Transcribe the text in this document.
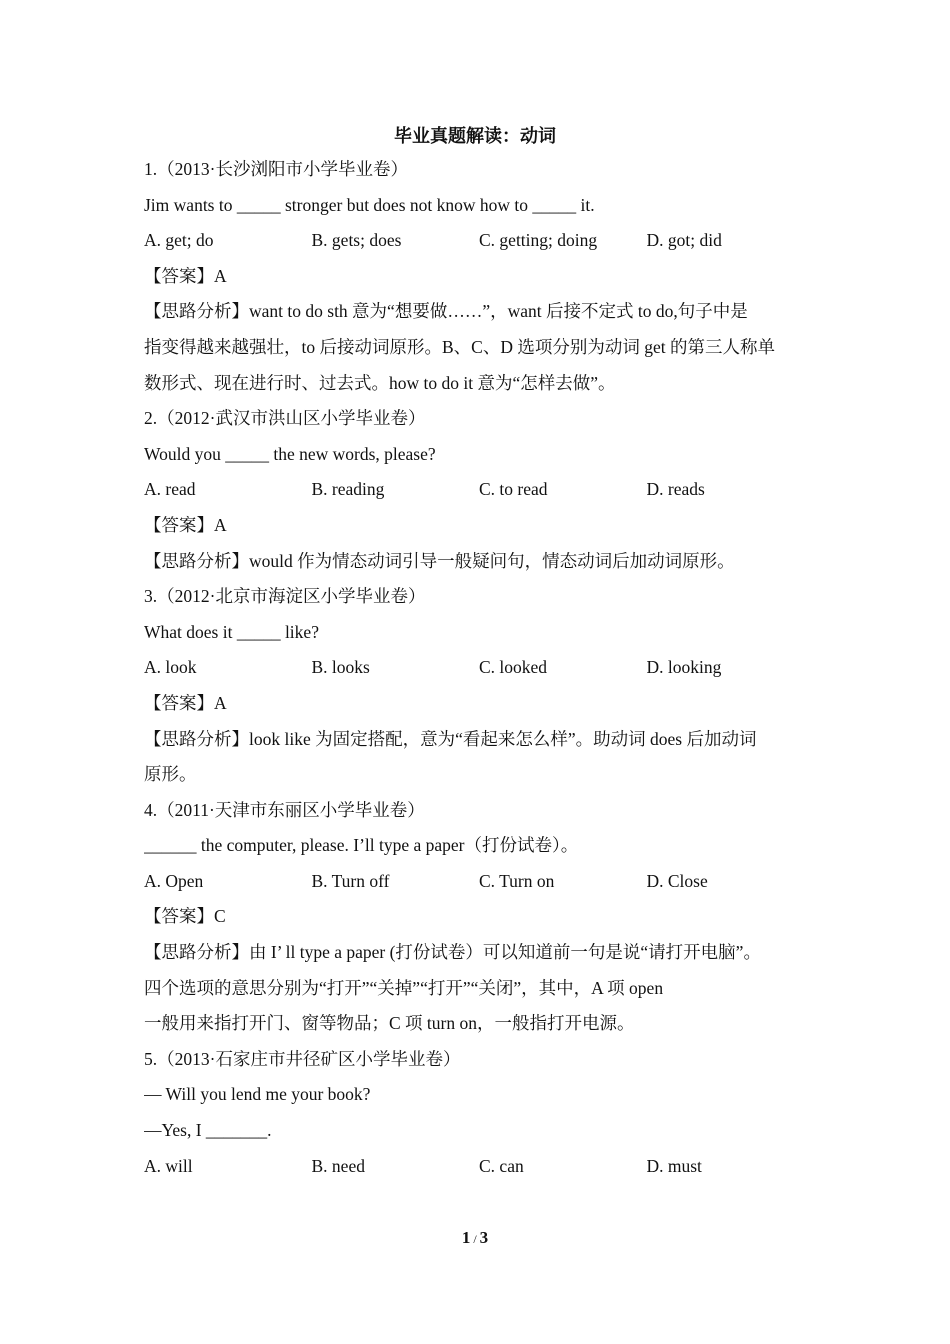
毕业真题解读：动词
1.（2013·长沙浏阳市小学毕业卷）
Jim wants to _____ stronger but does not know how to _____ it.
A. get; do	B. gets; does	C. getting; doing	D. got; did
【答案】A
【思路分析】want to do sth 意为“想要做……”，want 后接不定式 to do,句子中是
指变得越来越强壮，to 后接动词原形。B、C、D 选项分别为动词 get 的第三人称单
数形式、现在进行时、过去式。how to do it 意为“怎样去做”。
2.（2012·武汉市洪山区小学毕业卷）
Would you _____ the new words, please?
A. read	B. reading	C. to read	D. reads
【答案】A
【思路分析】would 作为情态动词引导一般疑问句，情态动词后加动词原形。
3.（2012·北京市海淀区小学毕业卷）
What does it _____ like?
A. look	B. looks	C. looked	D. looking
【答案】A
【思路分析】look like 为固定搭配，意为“看起来怎么样”。助动词 does 后加动词
原形。
4.（2011·天津市东丽区小学毕业卷）
______ the computer, please. I’ll type a paper（打份试卷）。
A. Open	B. Turn off	C. Turn on	D. Close
【答案】C
【思路分析】由 I’ ll type a paper (打份试卷）可以知道前一句是说“请打开电脑”。
四个选项的意思分别为“打开”“关掉”“打开”“关闭”，其中，A 项 open
一般用来指打开门、窗等物品；C 项 turn on，一般指打开电源。
5.（2013·石家庄市井径矿区小学毕业卷）
— Will you lend me your book?
—Yes, I _______.
A. will	B. need	C. can	D. must
1 / 3
